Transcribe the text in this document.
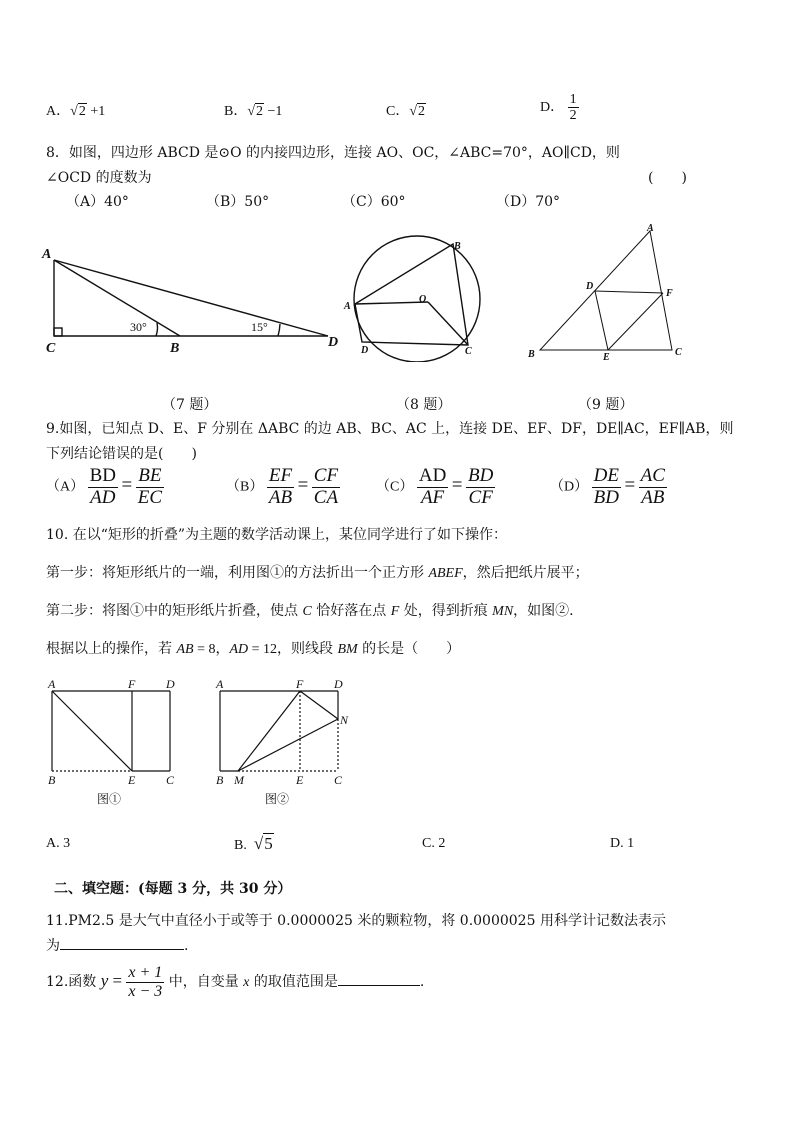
A．√2 +1	B．√2 −1	C．√2	D． $\frac{1}{2}$
8．如图，四边形 ABCD 是⊙O 的内接四边形，连接 AO、OC，∠ABC=70°，AO∥CD，则
∠OCD 的度数为	(　　)
（A）40°	（B）50°	（C）60°	（D）70°
A
C	B	D
30°	15°
（7 题）
A
B
O
D	C
（8 题）
A
D
F
B	E	C
（9 题）
9.如图，已知点 D、E、F 分别在 ΔABC 的边 AB、BC、AC 上，连接 DE、EF、DF，DE∥AC，EF∥AB，则
下列结论错误的是(　　)
$(A) \frac{BD}{AD} = \frac{BE}{EC}$	$(B) \frac{EF}{AB} = \frac{CF}{CA}$	$(C) \frac{AD}{AF} = \frac{BD}{CF}$	$(D) \frac{DE}{BD} = \frac{AC}{AB}$
10. 在以“矩形的折叠”为主题的数学活动课上，某位同学进行了如下操作：
第一步：将矩形纸片的一端，利用图①的方法折出一个正方形 ABEF，然后把纸片展平；
第二步：将图①中的矩形纸片折叠，使点 C 恰好落在点 F 处，得到折痕 MN，如图②.
根据以上的操作，若 AB = 8，AD = 12，则线段 BM 的长是（　　）
A	F	D
B	E	C
图①
A	F	D
N
B M	E	C
图②
A. 3	B. √5	C. 2	D. 1
二、填空题：(每题 3 分，共 30 分）
11.PM2.5 是大气中直径小于或等于 0.0000025 米的颗粒物，将 0.0000025 用科学计记数法表示
为	.
12.函数 $y = \frac{x + 1}{x - 3}$ 中，自变量 x 的取值范围是	.
